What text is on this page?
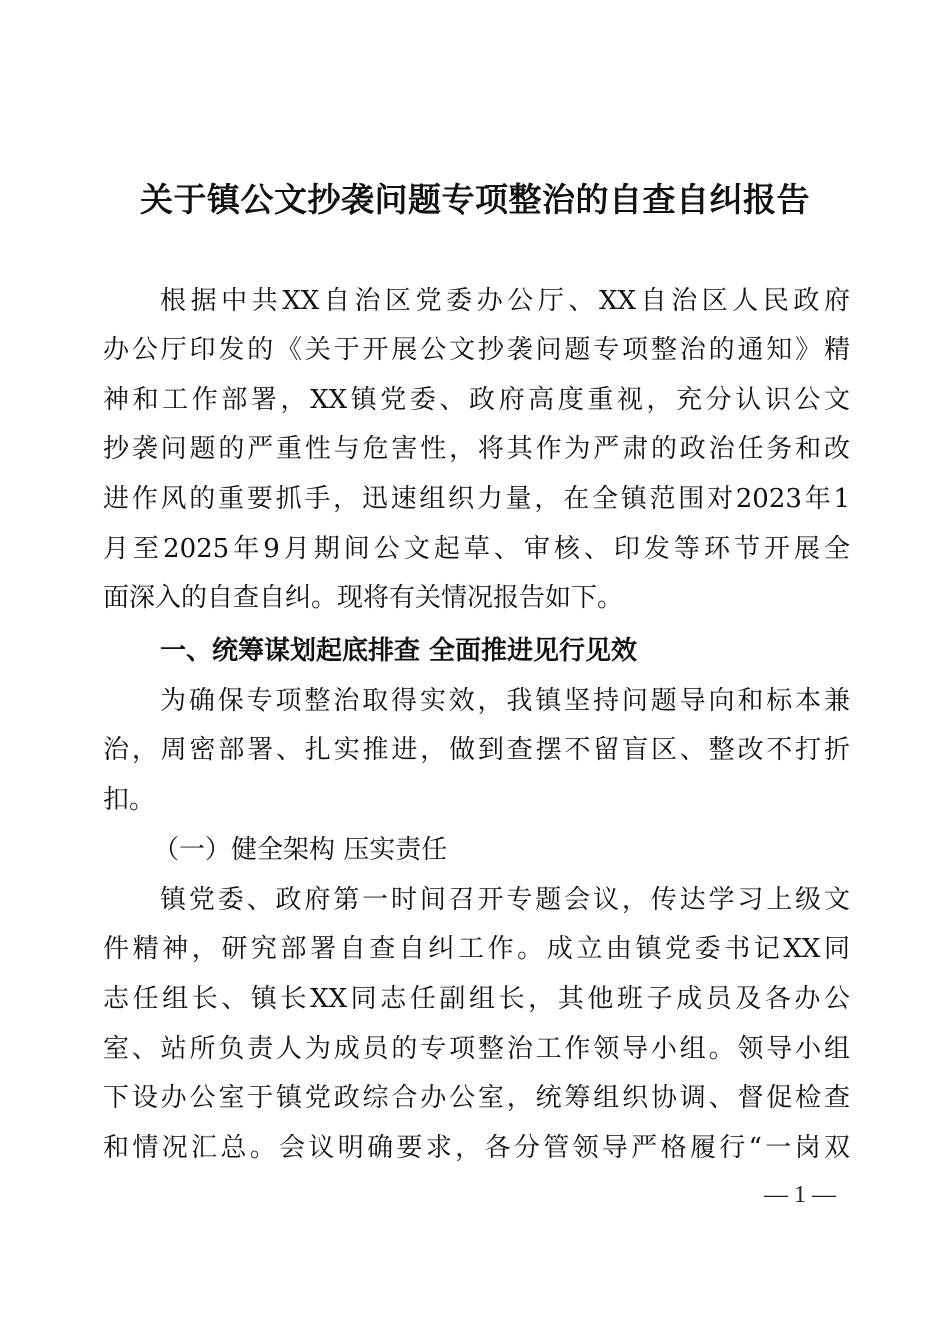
关于镇公文抄袭问题专项整治的自查自纠报告
根据中共XX自治区党委办公厅、XX自治区人民政府
办公厅印发的《关于开展公文抄袭问题专项整治的通知》精
神和工作部署，XX镇党委、政府高度重视，充分认识公文
抄袭问题的严重性与危害性，将其作为严肃的政治任务和改
进作风的重要抓手，迅速组织力量，在全镇范围对2023年1
月至2025年9月期间公文起草、审核、印发等环节开展全
面深入的自查自纠。现将有关情况报告如下。
一、统筹谋划起底排查 全面推进见行见效
为确保专项整治取得实效，我镇坚持问题导向和标本兼
治，周密部署、扎实推进，做到查摆不留盲区、整改不打折
扣。
（一）健全架构 压实责任
镇党委、政府第一时间召开专题会议，传达学习上级文
件精神，研究部署自查自纠工作。成立由镇党委书记XX同
志任组长、镇长XX同志任副组长，其他班子成员及各办公
室、站所负责人为成员的专项整治工作领导小组。领导小组
下设办公室于镇党政综合办公室，统筹组织协调、督促检查
和情况汇总。会议明确要求，各分管领导严格履行“一岗双
— 1 —
